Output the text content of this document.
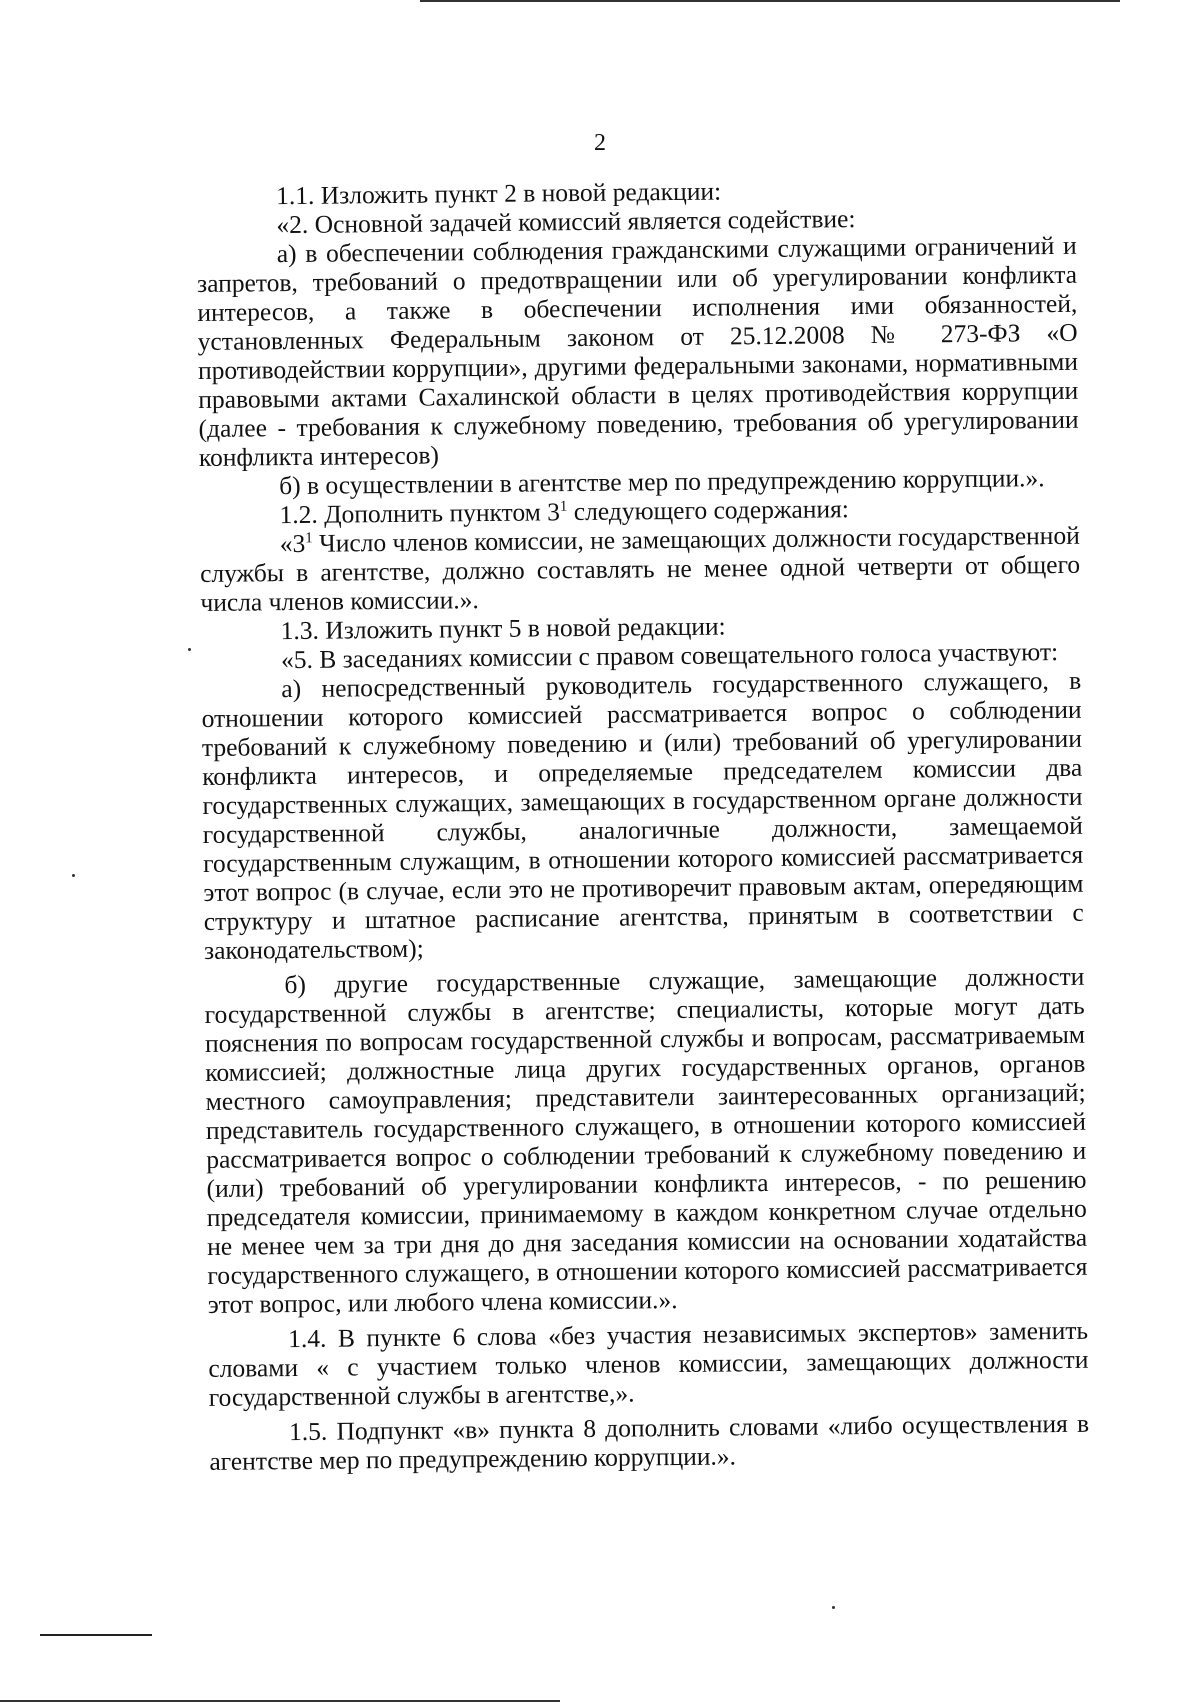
2

1.1. Изложить пункт 2 в новой редакции:

«2. Основной задачей комиссий является содействие:

а) в обеспечении соблюдения гражданскими служащими ограничений и запретов, требований о предотвращении или об урегулировании конфликта интересов, а также в обеспечении исполнения ими обязанностей, установленных Федеральным законом от 25.12.2008 № 273-ФЗ «О противодействии коррупции», другими федеральными законами, нормативными правовыми актами Сахалинской области в целях противодействия коррупции (далее - требования к служебному поведению, требования об урегулировании конфликта интересов)

б) в осуществлении в агентстве мер по предупреждению коррупции.».

1.2. Дополнить пунктом $3^1$ следующего содержания:

«$3^1$ Число членов комиссии, не замещающих должности государственной службы в агентстве, должно составлять не менее одной четверти от общего числа членов комиссии.».

1.3. Изложить пункт 5 в новой редакции:

«5. В заседаниях комиссии с правом совещательного голоса участвуют:

а) непосредственный руководитель государственного служащего, в отношении которого комиссией рассматривается вопрос о соблюдении требований к служебному поведению и (или) требований об урегулировании конфликта интересов, и определяемые председателем комиссии два государственных служащих, замещающих в государственном органе должности государственной службы, аналогичные должности, замещаемой государственным служащим, в отношении которого комиссией рассматривается этот вопрос (в случае, если это не противоречит правовым актам, опередяющим структуру и штатное расписание агентства, принятым в соответствии с законодательством);

б) другие государственные служащие, замещающие должности государственной службы в агентстве; специалисты, которые могут дать пояснения по вопросам государственной службы и вопросам, рассматриваемым комиссией; должностные лица других государственных органов, органов местного самоуправления; представители заинтересованных организаций; представитель государственного служащего, в отношении которого комиссией рассматривается вопрос о соблюдении требований к служебному поведению и (или) требований об урегулировании конфликта интересов, - по решению председателя комиссии, принимаемому в каждом конкретном случае отдельно не менее чем за три дня до дня заседания комиссии на основании ходатайства государственного служащего, в отношении которого комиссией рассматривается этот вопрос, или любого члена комиссии.».

1.4. В пункте 6 слова «без участия независимых экспертов» заменить словами « с участием только членов комиссии, замещающих должности государственной службы в агентстве,».

1.5. Подпункт «в» пункта 8 дополнить словами «либо осуществления в агентстве мер по предупреждению коррупции.».
